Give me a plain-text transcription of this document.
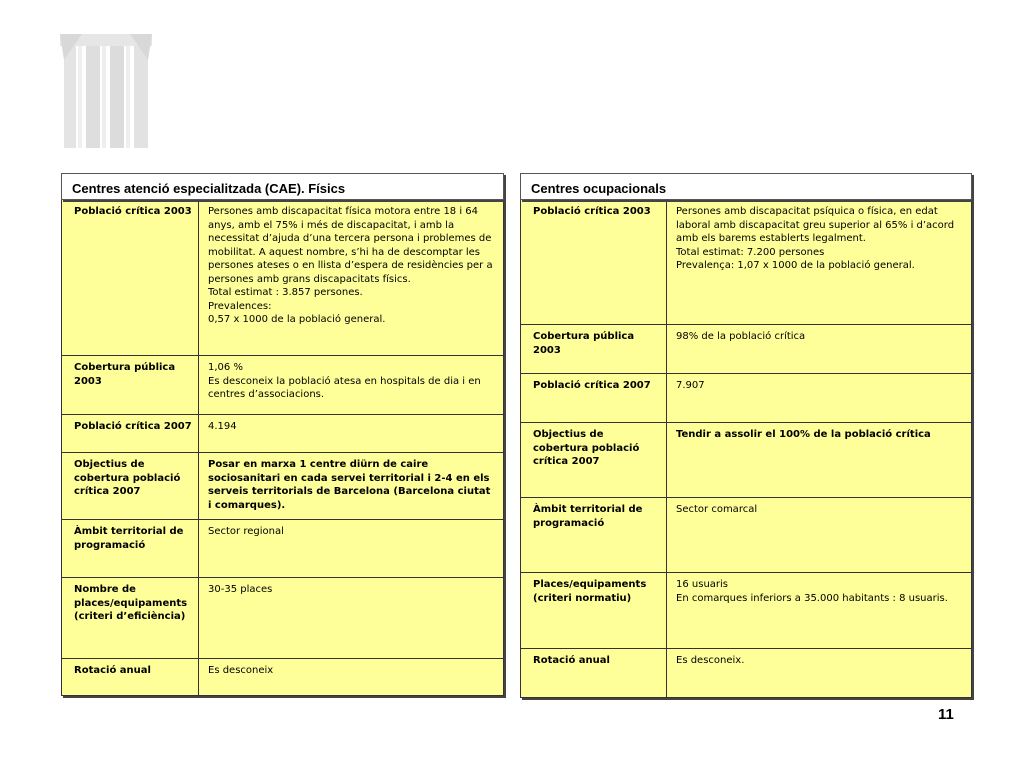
Centres atenció especialitzada (CAE). Físics
Població crítica 2003	Persones amb discapacitat física motora entre 18 i 64 anys, amb el 75% i més de discapacitat, i amb la necessitat d’ajuda d’una tercera persona i problemes de mobilitat. A aquest nombre, s’hi ha de descomptar les persones ateses o en llista d’espera de residències per a persones amb grans discapacitats físics.
Total estimat : 3.857 persones.
Prevalences:
0,57 x 1000 de la població general.
Cobertura pública 2003	1,06 %
Es desconeix la població atesa en hospitals de dia i en centres d’associacions.
Població crítica 2007	4.194
Objectius de cobertura població crítica 2007	Posar en marxa 1 centre diürn de caire sociosanitari en cada servei territorial i 2-4 en els serveis territorials de Barcelona (Barcelona ciutat i comarques).
Àmbit territorial de programació	Sector regional
Nombre de places/equipaments (criteri d’eficiència)	30-35 places
Rotació anual	Es desconeix
Centres ocupacionals
Població crítica 2003	Persones amb discapacitat psíquica o física, en edat laboral amb discapacitat greu superior al 65% i d’acord amb els barems establerts legalment.
Total estimat: 7.200 persones
Prevalença: 1,07 x 1000 de la població general.
Cobertura pública 2003	98% de la població crítica
Població crítica 2007	7.907
Objectius de cobertura població crítica 2007	Tendir a assolir el 100% de la població crítica
Àmbit territorial de programació	Sector comarcal
Places/equipaments (criteri normatiu)	16 usuaris
En comarques inferiors a 35.000 habitants : 8 usuaris.
Rotació anual	Es desconeix.
11
